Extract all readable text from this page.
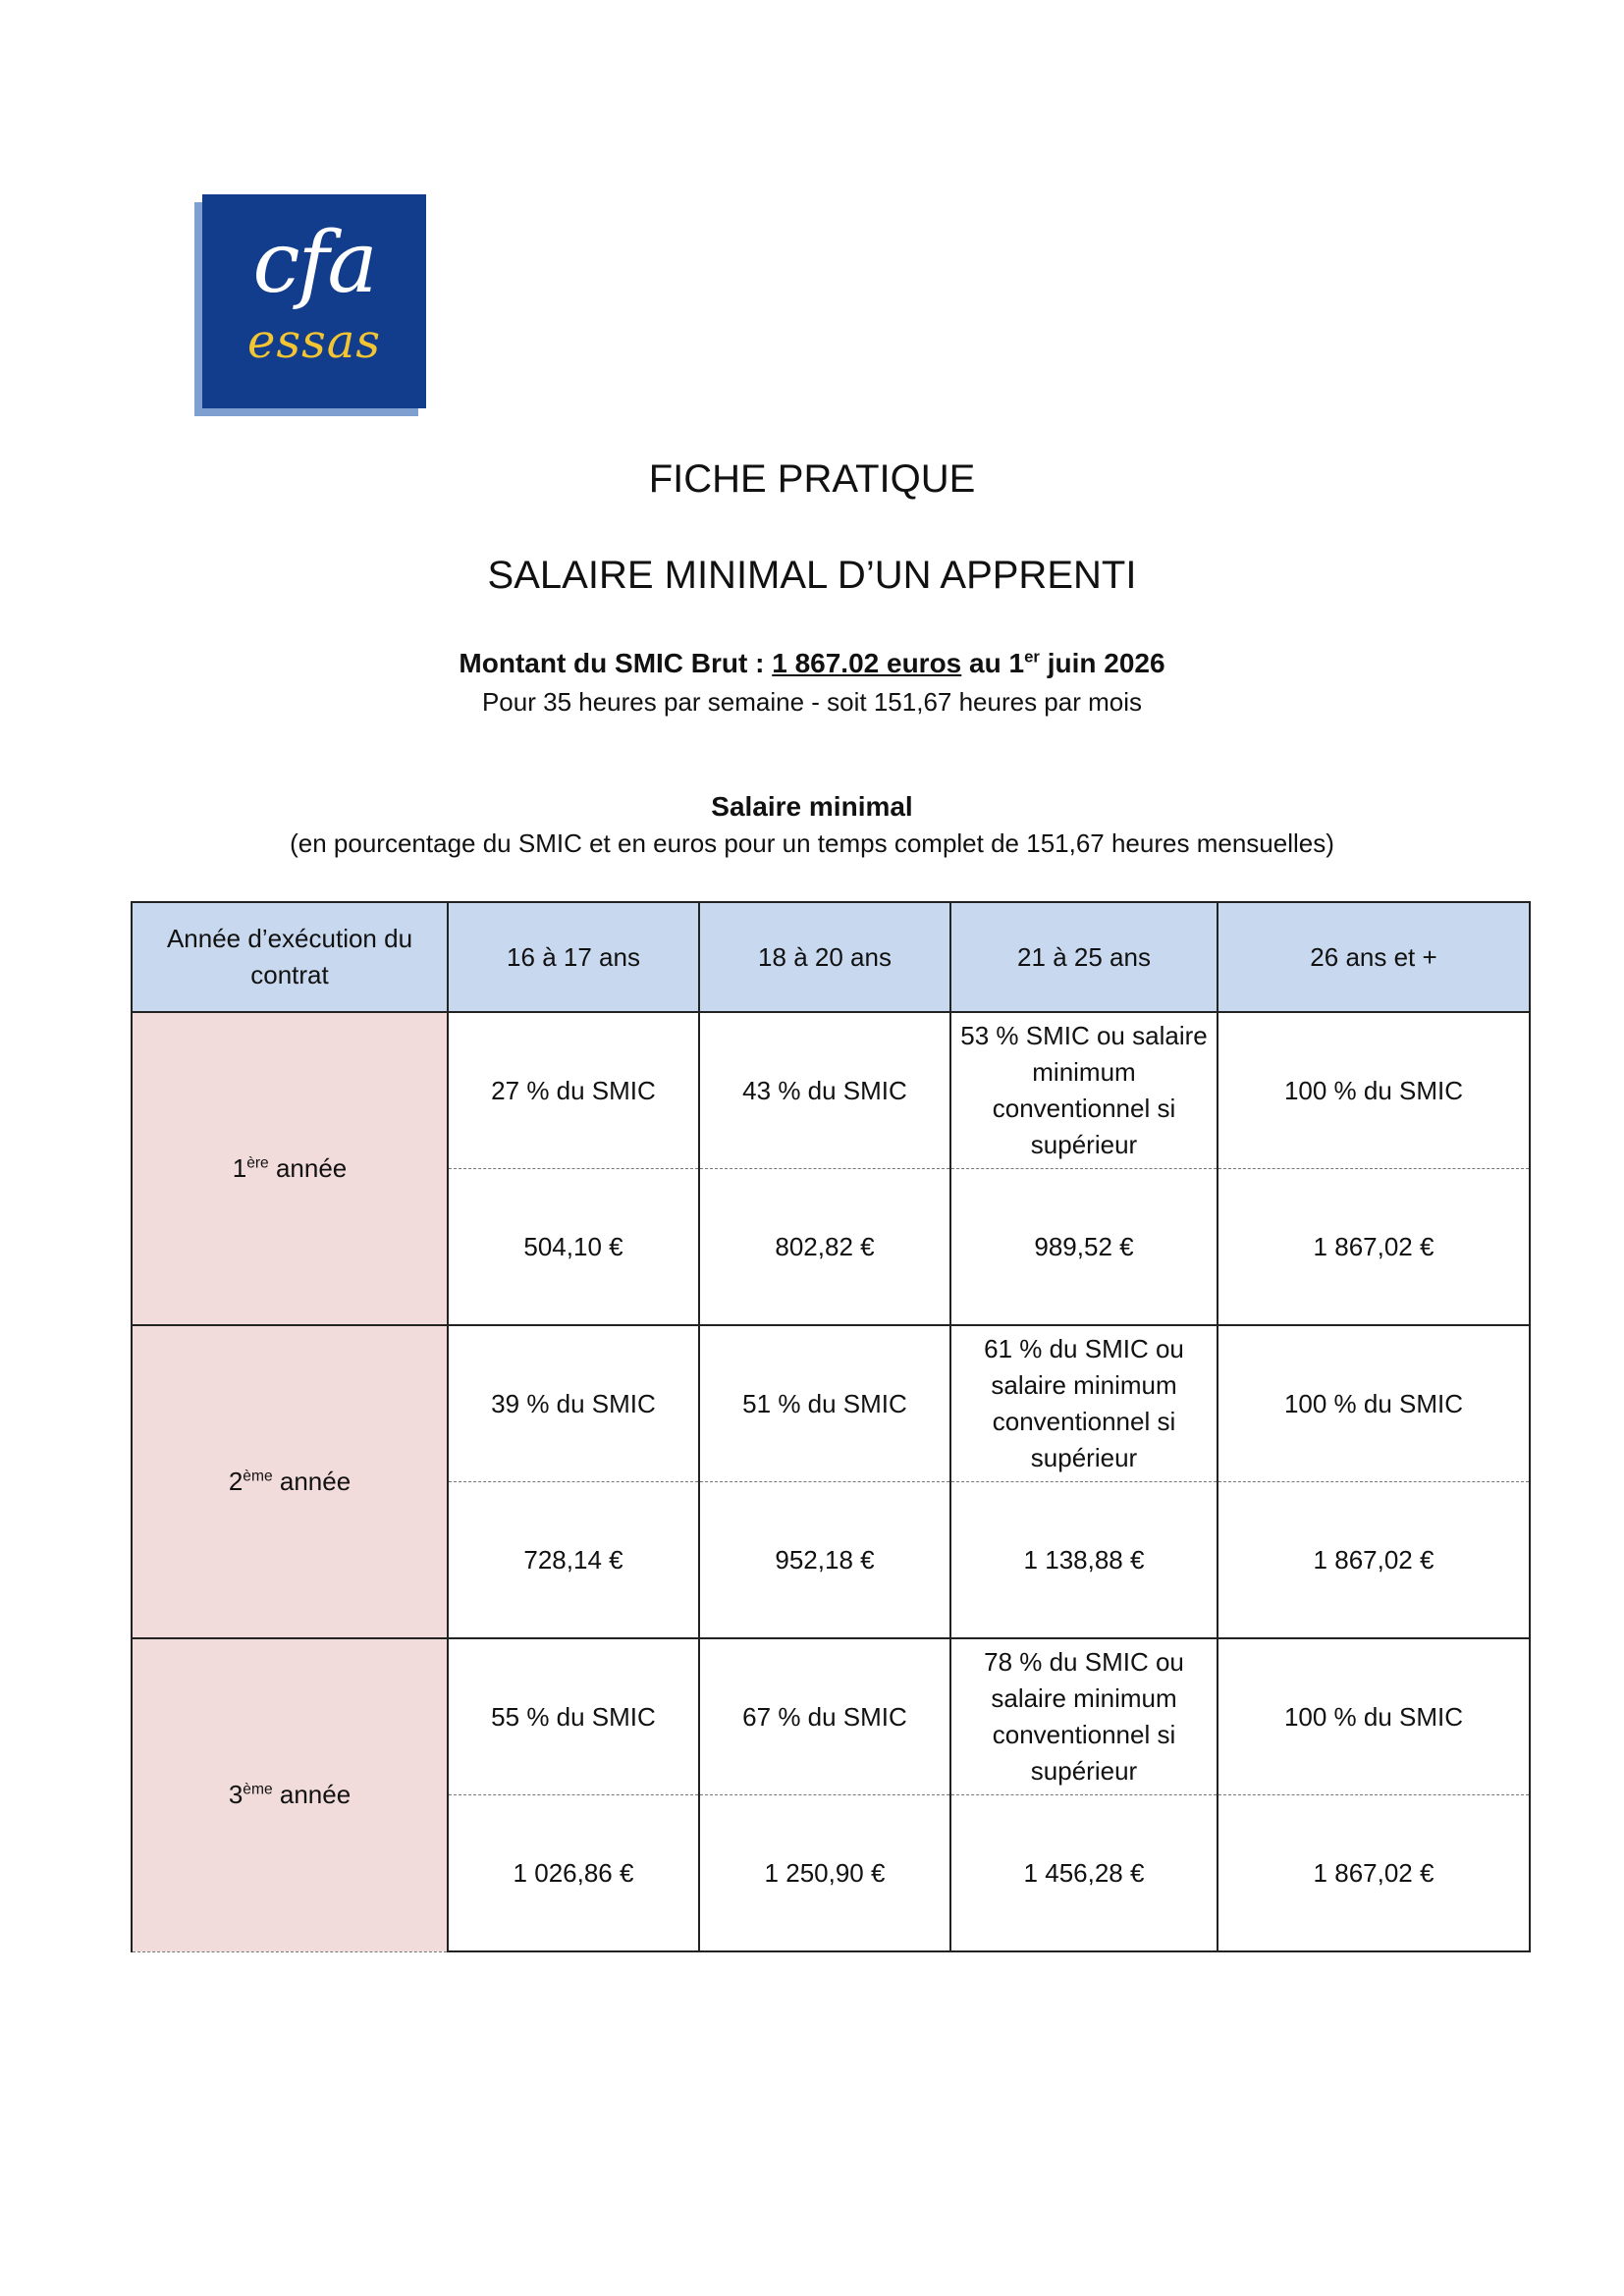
cfa
essas
FICHE PRATIQUE
SALAIRE MINIMAL D’UN APPRENTI
Montant du SMIC Brut : 1 867.02 euros au 1er juin 2026
Pour 35 heures par semaine - soit 151,67 heures par mois
Salaire minimal
(en pourcentage du SMIC et en euros pour un temps complet de 151,67 heures mensuelles)
Année d’exécution du contrat	16 à 17 ans	18 à 20 ans	21 à 25 ans	26 ans et +
1ère année	27 % du SMIC	43 % du SMIC	53 % SMIC ou salaire minimum conventionnel si supérieur	100 % du SMIC
	504,10 €	802,82 €	989,52 €	1 867,02 €
2ème année	39 % du SMIC	51 % du SMIC	61 % du SMIC ou salaire minimum conventionnel si supérieur	100 % du SMIC
	728,14 €	952,18 €	1 138,88 €	1 867,02 €
3ème année	55 % du SMIC	67 % du SMIC	78 % du SMIC ou salaire minimum conventionnel si supérieur	100 % du SMIC
	1 026,86 €	1 250,90 €	1 456,28 €	1 867,02 €
